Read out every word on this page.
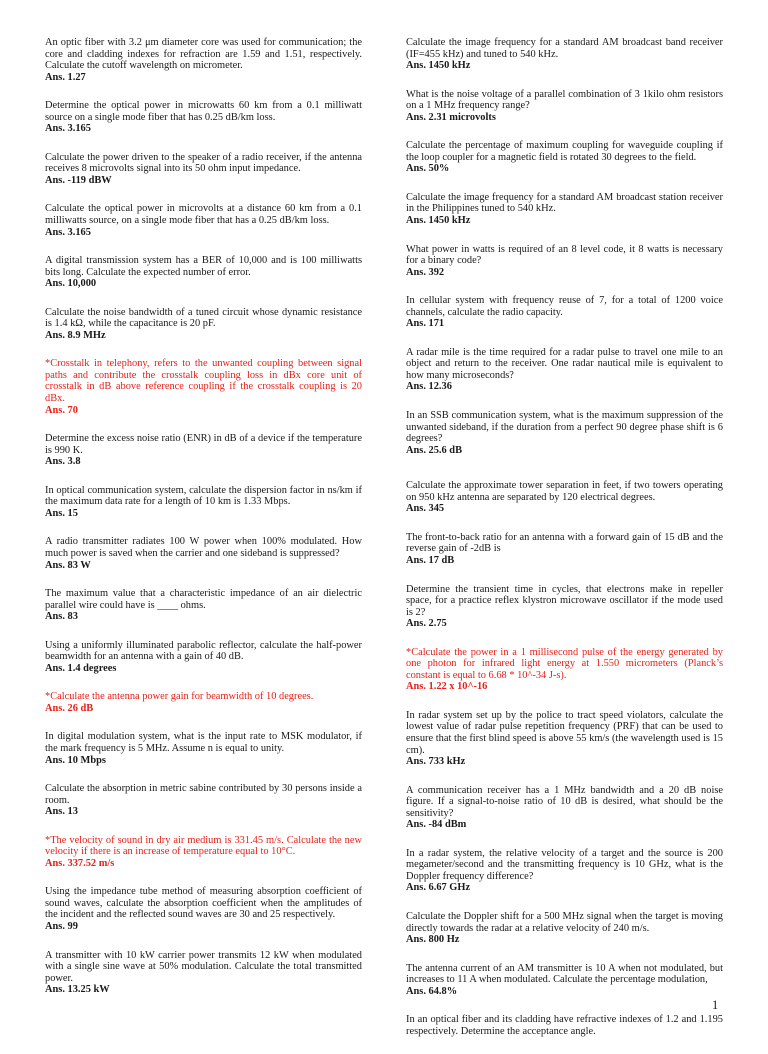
An optic fiber with 3.2 μm diameter core was used for communication; the core and cladding indexes for refraction are 1.59 and 1.51, respectively. Calculate the cutoff wavelength on micrometer.

Ans. 1.27

Determine the optical power in microwatts 60 km from a 0.1 milliwatt source on a single mode fiber that has 0.25 dB/km loss.

Ans. 3.165

Calculate the power driven to the speaker of a radio receiver, if the antenna receives 8 microvolts signal into its 50 ohm input impedance.

Ans. -119 dBW

Calculate the optical power in microvolts at a distance 60 km from a 0.1 milliwatts source, on a single mode fiber that has a 0.25 dB/km loss.

Ans. 3.165

A digital transmission system has a BER of 10,000 and is 100 milliwatts bits long. Calculate the expected number of error.

Ans. 10,000

Calculate the noise bandwidth of a tuned circuit whose dynamic resistance is 1.4 kΩ, while the capacitance is 20 pF.

Ans. 8.9 MHz

*Crosstalk in telephony, refers to the unwanted coupling between signal paths and contribute the crosstalk coupling loss in dBx core unit of crosstalk in dB above reference coupling if the crosstalk coupling is 20 dBx.

Ans. 70

Determine the excess noise ratio (ENR) in dB of a device if the temperature is 990 K.

Ans. 3.8

In optical communication system, calculate the dispersion factor in ns/km if the maximum data rate for a length of 10 km is 1.33 Mbps.

Ans. 15

A radio transmitter radiates 100 W power when 100% modulated. How much power is saved when the carrier and one sideband is suppressed?

Ans. 83 W

The maximum value that a characteristic impedance of an air dielectric parallel wire could have is ____ ohms.

Ans. 83

Using a uniformly illuminated parabolic reflector, calculate the half-power beamwidth for an antenna with a gain of 40 dB.

Ans. 1.4 degrees

*Calculate the antenna power gain for beamwidth of 10 degrees.

Ans. 26 dB

In digital modulation system, what is the input rate to MSK modulator, if the mark frequency is 5 MHz. Assume n is equal to unity.

Ans. 10 Mbps

Calculate the absorption in metric sabine contributed by 30 persons inside a room.

Ans. 13

*The velocity of sound in dry air medium is 331.45 m/s. Calculate the new velocity if there is an increase of temperature equal to 10°C.

Ans. 337.52 m/s

Using the impedance tube method of measuring absorption coefficient of sound waves, calculate the absorption coefficient when the amplitudes of the incident and the reflected sound waves are 30 and 25 respectively.

Ans. 99

A transmitter with 10 kW carrier power transmits 12 kW when modulated with a single sine wave at 50% modulation. Calculate the total transmitted power.

Ans. 13.25 kW

Calculate the image frequency for a standard AM broadcast band receiver (IF=455 kHz) and tuned to 540 kHz.

Ans. 1450 kHz

What is the noise voltage of a parallel combination of 3 1kilo ohm resistors on a 1 MHz frequency range?

Ans. 2.31 microvolts

Calculate the percentage of maximum coupling for waveguide coupling if the loop coupler for a magnetic field is rotated 30 degrees to the field.

Ans. 50%

Calculate the image frequency for a standard AM broadcast station receiver in the Philippines tuned to 540 kHz.

Ans. 1450 kHz

What power in watts is required of an 8 level code, it 8 watts is necessary for a binary code?

Ans. 392

In cellular system with frequency reuse of 7, for a total of 1200 voice channels, calculate the radio capacity.

Ans. 171

A radar mile is the time required for a radar pulse to travel one mile to an object and return to the receiver. One radar nautical mile is equivalent to how many microseconds?

Ans. 12.36

In an SSB communication system, what is the maximum suppression of the unwanted sideband, if the duration from a perfect 90 degree phase shift is 6 degrees?

Ans. 25.6 dB

Calculate the approximate tower separation in feet, if two towers operating on 950 kHz antenna are separated by 120 electrical degrees.

Ans. 345

The front-to-back ratio for an antenna with a forward gain of 15 dB and the reverse gain of -2dB is

Ans. 17 dB

Determine the transient time in cycles, that electrons make in repeller space, for a practice reflex klystron microwave oscillator if the mode used is 2?

Ans. 2.75

*Calculate the power in a 1 millisecond pulse of the energy generated by one photon for infrared light energy at 1.550 micrometers (Planck’s constant is equal to 6.68 * 10^-34 J-s).

Ans. 1.22 x 10^-16

In radar system set up by the police to tract speed violators, calculate the lowest value of radar pulse repetition frequency (PRF) that can be used to ensure that the first blind speed is above 55 km/s (the wavelength used is 15 cm).

Ans. 733 kHz

A communication receiver has a 1 MHz bandwidth and a 20 dB noise figure. If a signal-to-noise ratio of 10 dB is desired, what should be the sensitivity?

Ans. -84 dBm

In a radar system, the relative velocity of a target and the source is 200 megameter/second and the transmitting frequency is 10 GHz, what is the Doppler frequency difference?

Ans. 6.67 GHz

Calculate the Doppler shift for a 500 MHz signal when the target is moving directly towards the radar at a relative velocity of 240 m/s.

Ans. 800 Hz

The antenna current of an AM transmitter is 10 A when not modulated, but increases to 11 A when modulated. Calculate the percentage modulation,

Ans. 64.8%

In an optical fiber and its cladding have refractive indexes of 1.2 and 1.195 respectively. Determine the acceptance angle.

1
